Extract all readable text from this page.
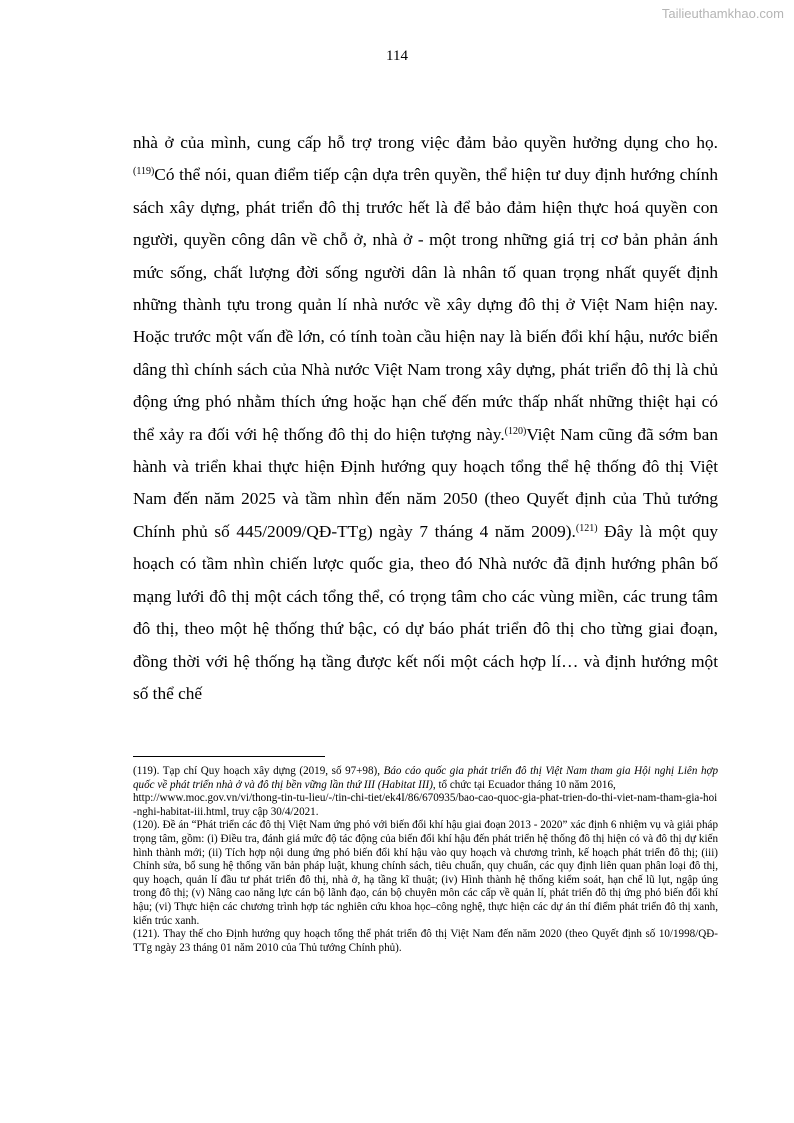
Tailieuthamkhao.com
114

nhà ở của mình, cung cấp hỗ trợ trong việc đảm bảo quyền hưởng dụng cho họ.$^{(119)}$Có thể nói, quan điểm tiếp cận dựa trên quyền, thể hiện tư duy định hướng chính sách xây dựng, phát triển đô thị trước hết là để bảo đảm hiện thực hoá quyền con người, quyền công dân về chỗ ở, nhà ở - một trong những giá trị cơ bản phản ánh mức sống, chất lượng đời sống người dân là nhân tố quan trọng nhất quyết định những thành tựu trong quản lí nhà nước về xây dựng đô thị ở Việt Nam hiện nay. Hoặc trước một vấn đề lớn, có tính toàn cầu hiện nay là biến đổi khí hậu, nước biển dâng thì chính sách của Nhà nước Việt Nam trong xây dựng, phát triển đô thị là chủ động ứng phó nhằm thích ứng hoặc hạn chế đến mức thấp nhất những thiệt hại có thể xảy ra đối với hệ thống đô thị do hiện tượng này.$^{(120)}$Việt Nam cũng đã sớm ban hành và triển khai thực hiện Định hướng quy hoạch tổng thể hệ thống đô thị Việt Nam đến năm 2025 và tầm nhìn đến năm 2050 (theo Quyết định của Thủ tướng Chính phủ số 445/2009/QĐ-TTg) ngày 7 tháng 4 năm 2009).$^{(121)}$ Đây là một quy hoạch có tầm nhìn chiến lược quốc gia, theo đó Nhà nước đã định hướng phân bố mạng lưới đô thị một cách tổng thể, có trọng tâm cho các vùng miền, các trung tâm đô thị, theo một hệ thống thứ bậc, có dự báo phát triển đô thị cho từng giai đoạn, đồng thời với hệ thống hạ tầng được kết nối một cách hợp lí… và định hướng một số thể chế

(119). Tạp chí Quy hoạch xây dựng (2019, số 97+98), Báo cáo quốc gia phát triển đô thị Việt Nam tham gia Hội nghị Liên hợp quốc về phát triển nhà ở và đô thị bền vững lần thứ III (Habitat III), tổ chức tại Ecuador tháng 10 năm 2016,

http://www.moc.gov.vn/vi/thong-tin-tu-lieu/-/tin-chi-tiet/ek4I/86/670935/bao-cao-quoc-gia-phat-trien-do-thi-viet-nam-tham-gia-hoi-nghi-habitat-iii.html, truy cập 30/4/2021.

(120). Đề án “Phát triển các đô thị Việt Nam ứng phó với biến đổi khí hậu giai đoạn 2013 - 2020” xác định 6 nhiệm vụ và giải pháp trọng tâm, gồm: (i) Điều tra, đánh giá mức độ tác động của biến đổi khí hậu đến phát triển hệ thống đô thị hiện có và đô thị dự kiến hình thành mới; (ii) Tích hợp nội dung ứng phó biến đổi khí hậu vào quy hoạch và chương trình, kế hoạch phát triển đô thị; (iii) Chỉnh sửa, bổ sung hệ thống văn bản pháp luật, khung chính sách, tiêu chuẩn, quy chuẩn, các quy định liên quan phân loại đô thị, quy hoạch, quản lí đầu tư phát triển đô thị, nhà ở, hạ tầng kĩ thuật; (iv) Hình thành hệ thống kiểm soát, hạn chế lũ lụt, ngập úng trong đô thị; (v) Nâng cao năng lực cán bộ lãnh đạo, cán bộ chuyên môn các cấp về quản lí, phát triển đô thị ứng phó biến đổi khí hậu; (vi) Thực hiện các chương trình hợp tác nghiên cứu khoa học–công nghệ, thực hiện các dự án thí điểm phát triển đô thị xanh, kiến trúc xanh.

(121). Thay thế cho Định hướng quy hoạch tổng thể phát triển đô thị Việt Nam đến năm 2020 (theo Quyết định số 10/1998/QĐ-TTg ngày 23 tháng 01 năm 2010 của Thủ tướng Chính phủ).
